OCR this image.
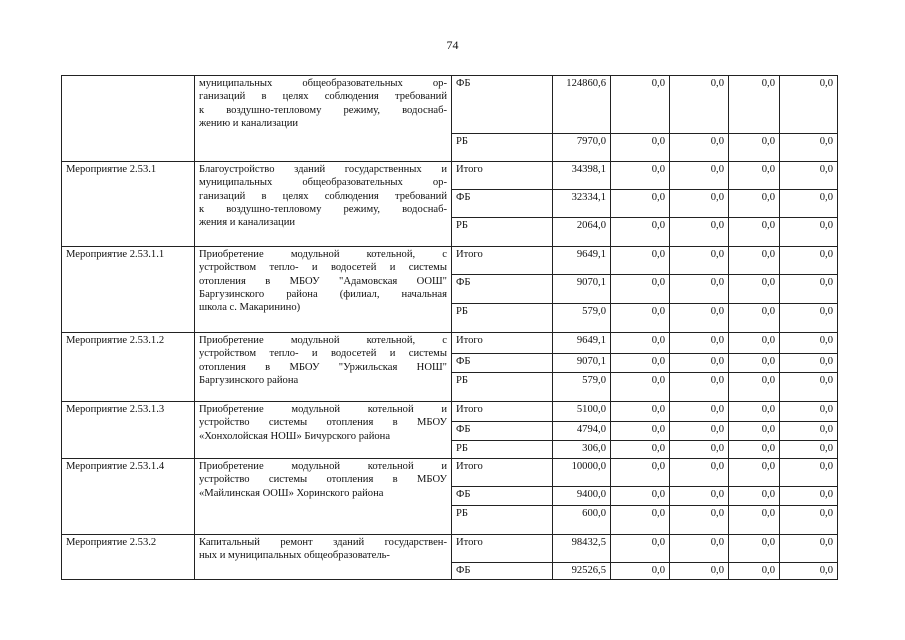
74

	муниципальных общеобразовательных ор-
ганизаций в целях соблюдения требований
к воздушно-тепловому режиму, водоснаб-
жению и канализации	ФБ	124860,6	0,0	0,0	0,0	0,0
		РБ	7970,0	0,0	0,0	0,0	0,0
Мероприятие 2.53.1	Благоустройство зданий государственных и
муниципальных общеобразовательных ор-
ганизаций в целях соблюдения требований
к воздушно-тепловому режиму, водоснаб-
жения и канализации	Итого	34398,1	0,0	0,0	0,0	0,0
		ФБ	32334,1	0,0	0,0	0,0	0,0
		РБ	2064,0	0,0	0,0	0,0	0,0
Мероприятие 2.53.1.1	Приобретение модульной котельной, с
устройством тепло- и водосетей и системы
отопления в МБОУ "Адамовская ООШ"
Баргузинского района (филиал, начальная
школа с. Макаринино)	Итого	9649,1	0,0	0,0	0,0	0,0
		ФБ	9070,1	0,0	0,0	0,0	0,0
		РБ	579,0	0,0	0,0	0,0	0,0
Мероприятие 2.53.1.2	Приобретение модульной котельной, с
устройством тепло- и водосетей и системы
отопления в МБОУ "Уржильская НОШ"
Баргузинского района	Итого	9649,1	0,0	0,0	0,0	0,0
		ФБ	9070,1	0,0	0,0	0,0	0,0
		РБ	579,0	0,0	0,0	0,0	0,0
Мероприятие 2.53.1.3	Приобретение модульной котельной и
устройство системы отопления в МБОУ
«Хонхолойская НОШ» Бичурского района	Итого	5100,0	0,0	0,0	0,0	0,0
		ФБ	4794,0	0,0	0,0	0,0	0,0
		РБ	306,0	0,0	0,0	0,0	0,0
Мероприятие 2.53.1.4	Приобретение модульной котельной и
устройство системы отопления в МБОУ
«Майлинская ООШ» Хоринского района	Итого	10000,0	0,0	0,0	0,0	0,0
		ФБ	9400,0	0,0	0,0	0,0	0,0
		РБ	600,0	0,0	0,0	0,0	0,0
Мероприятие 2.53.2	Капитальный ремонт зданий государствен-
ных и муниципальных общеобразователь-	Итого	98432,5	0,0	0,0	0,0	0,0
		ФБ	92526,5	0,0	0,0	0,0	0,0
